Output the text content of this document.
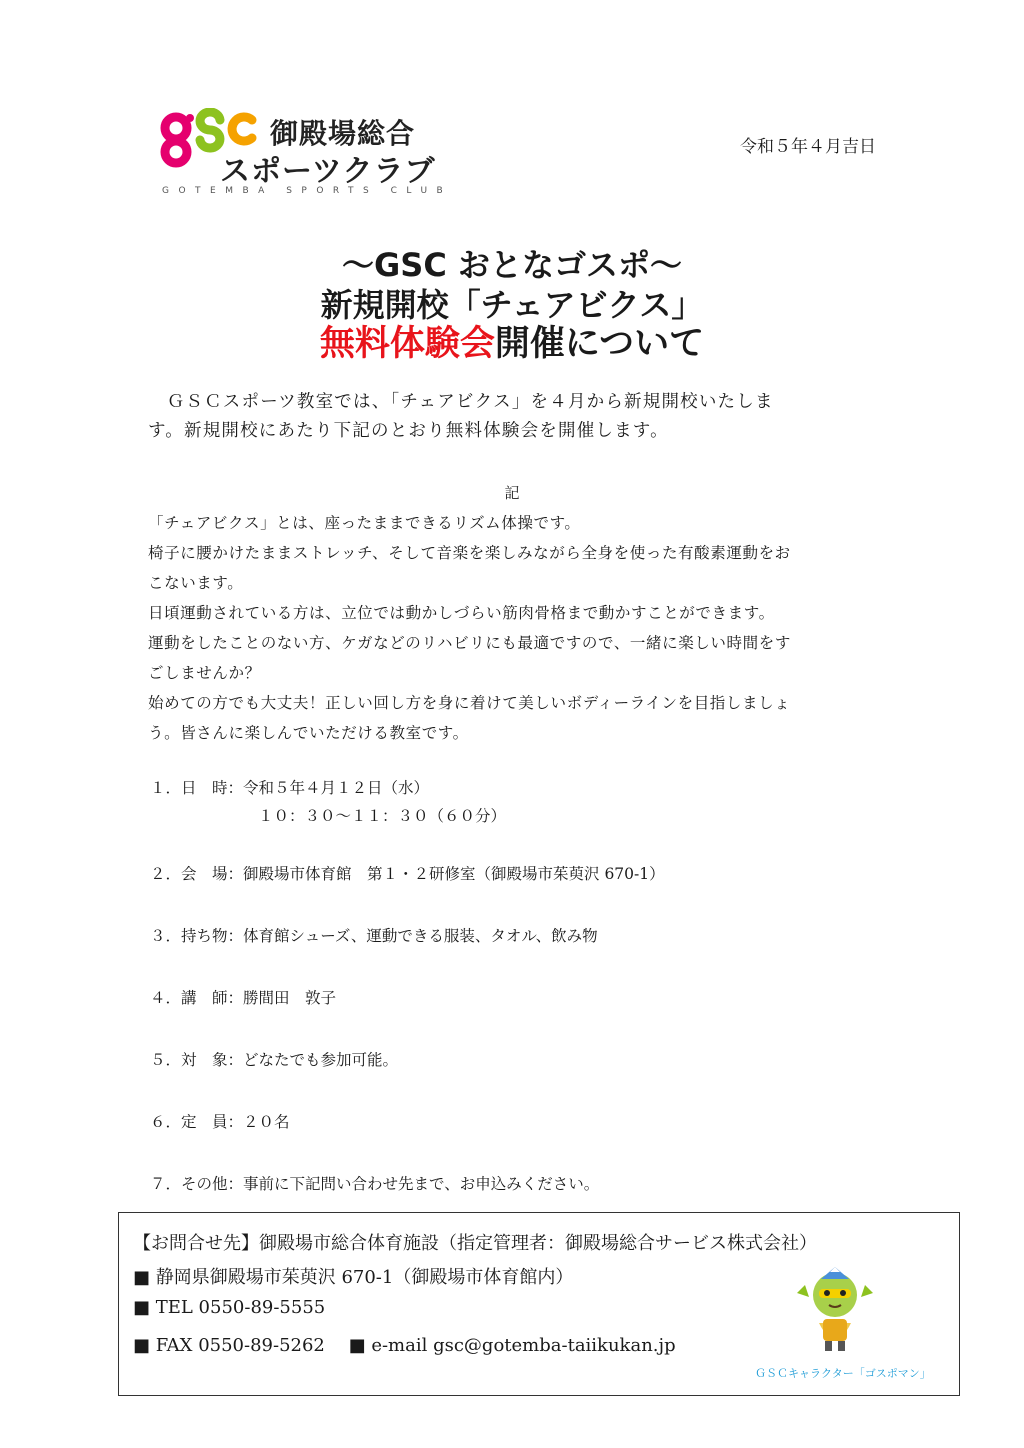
御殿場総合
スポーツクラブ
GOTEMBA SPORTS CLUB
令和５年４月吉日
～GSC おとなゴスポ～
新規開校「チェアビクス」
無料体験会開催について
　ＧＳＣスポーツ教室では、「チェアビクス」を４月から新規開校いたしま
す。新規開校にあたり下記のとおり無料体験会を開催します。
記
「チェアビクス」とは、座ったままできるリズム体操です。
椅子に腰かけたままストレッチ、そして音楽を楽しみながら全身を使った有酸素運動をお
こないます。
日頃運動されている方は、立位では動かしづらい筋肉骨格まで動かすことができます。
運動をしたことのない方、ケガなどのリハビリにも最適ですので、一緒に楽しい時間をす
ごしませんか？
始めての方でも大丈夫！正しい回し方を身に着けて美しいボディーラインを目指しましょ
う。皆さんに楽しんでいただける教室です。
１．日　時：令和５年４月１２日（水）
１０：３０～１１：３０（６０分）
２．会　場：御殿場市体育館　第１・２研修室（御殿場市茱萸沢 670-1）
３．持ち物：体育館シューズ、運動できる服装、タオル、飲み物
４．講　師：勝間田　敦子
５．対　象：どなたでも参加可能。
６．定　員：２０名
７．その他：事前に下記問い合わせ先まで、お申込みください。
【お問合せ先】御殿場市総合体育施設（指定管理者：御殿場総合サービス株式会社）
■ 静岡県御殿場市茱萸沢 670-1（御殿場市体育館内）
■ TEL 0550-89-5555
■ FAX 0550-89-5262　 ■ e-mail gsc@gotemba-taiikukan.jp
ＧＳＣキャラクター「ゴスポマン」
